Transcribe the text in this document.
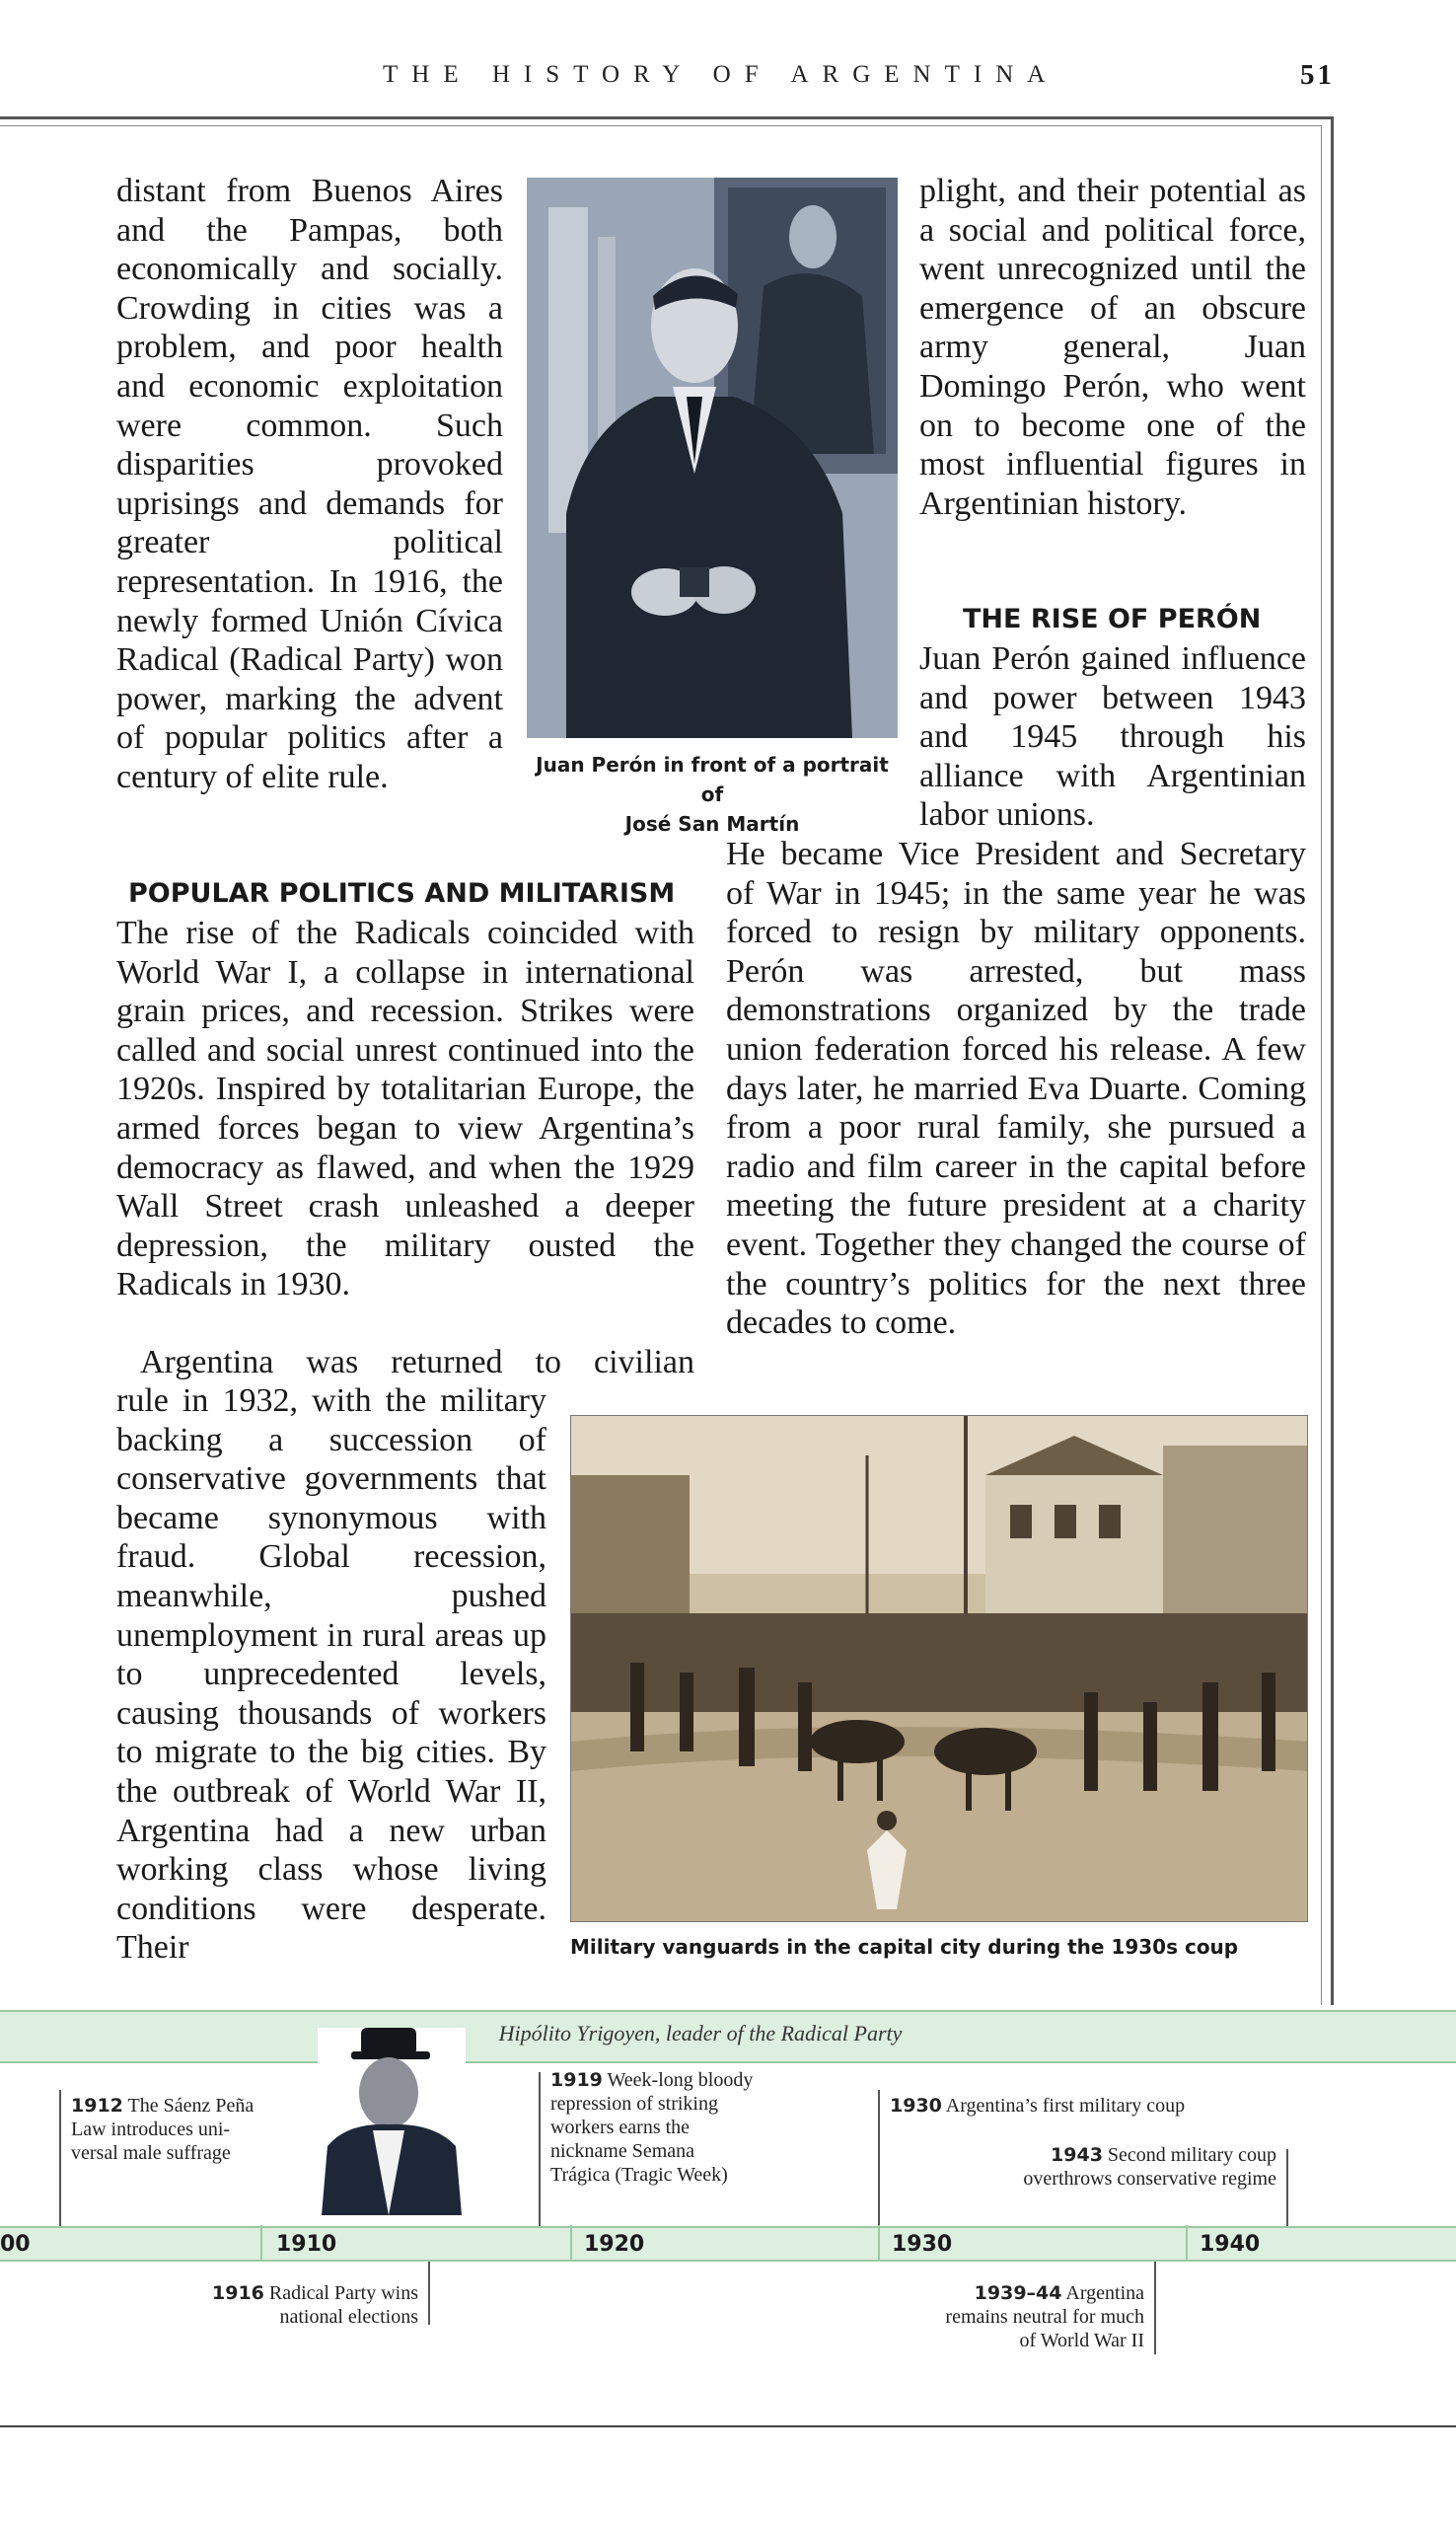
THE HISTORY OF ARGENTINA	51

distant from Buenos Aires and the Pampas, both economically and socially. Crowding in cities was a problem, and poor health and economic exploitation were common. Such disparities provoked uprisings and demands for greater political representation. In 1916, the newly formed Unión Cívica Radical (Radical Party) won power, marking the advent of popular politics after a century of elite rule.	Juan Perón in front of a portrait of
José San Martín

plight, and their potential as a social and political force, went unrecognized until the emergence of an obscure army general, Juan Domingo Perón, who went on to become one of the most influential figures in Argentinian history.

THE RISE OF PERÓN

Juan Perón gained influence and power between 1943 and 1945 through his alliance with Argentinian labor unions.

He became Vice President and Secretary of War in 1945; in the same year he was forced to resign by military opponents. Perón was arrested, but mass demonstrations organized by the trade union federation forced his release. A few days later, he married Eva Duarte. Coming from a poor rural family, she pursued a radio and film career in the capital before meeting the future president at a charity event. Together they changed the course of the country’s politics for the next three decades to come.

POPULAR POLITICS AND MILITARISM

The rise of the Radicals coincided with World War I, a collapse in international grain prices, and recession. Strikes were called and social unrest continued into the 1920s. Inspired by totalitarian Europe, the armed forces began to view Argentina’s democracy as flawed, and when the 1929 Wall Street crash unleashed a deeper depression, the military ousted the Radicals in 1930.

Argentina was returned to civilian

rule in 1932, with the military backing a succession of conservative governments that became synonymous with fraud. Global recession, meanwhile, pushed unemployment in rural areas up to unprecedented levels, causing thousands of workers to migrate to the big cities. By the outbreak of World War II, Argentina had a new urban working class whose living conditions were desperate. Their	Military vanguards in the capital city during the 1930s coup
Hipólito Yrigoyen, leader of the Radical Party
1912 The Sáenz Peña
Law introduces uni-
versal male suffrage
1919 Week-long bloody
repression of striking
workers earns the
nickname Semana
Trágica (Tragic Week)
1930 Argentina’s first military coup
1943 Second military coup
overthrows conservative regime
00	1910	1920	1930	1940
1916 Radical Party wins
national elections
1939–44 Argentina
remains neutral for much
of World War II
